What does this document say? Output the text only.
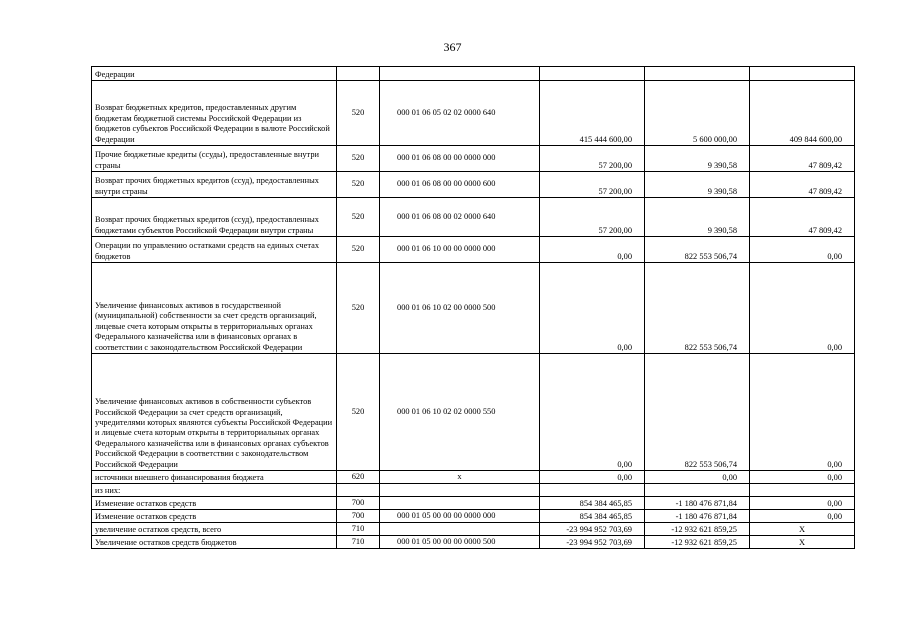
367
Федерации					
Возврат бюджетных кредитов, предоставленных другим бюджетам бюджетной системы Российской Федерации из бюджетов субъектов Российской Федерации в валюте Российской Федерации	520	000 01 06 05 02 02 0000 640	415 444 600,00	5 600 000,00	409 844 600,00
Прочие бюджетные кредиты (ссуды), предоставленные внутри страны	520	000 01 06 08 00 00 0000 000	57 200,00	9 390,58	47 809,42
Возврат прочих бюджетных кредитов (ссуд), предоставленных внутри страны	520	000 01 06 08 00 00 0000 600	57 200,00	9 390,58	47 809,42
Возврат прочих бюджетных кредитов (ссуд), предоставленных бюджетами субъектов Российской Федерации внутри страны	520	000 01 06 08 00 02 0000 640	57 200,00	9 390,58	47 809,42
Операции по управлению остатками средств на единых счетах бюджетов	520	000 01 06 10 00 00 0000 000	0,00	822 553 506,74	0,00
Увеличение финансовых активов в государственной (муниципальной) собственности за счет средств организаций, лицевые счета которым открыты в территориальных органах Федерального казначейства или в финансовых органах в соответствии с законодательством Российской Федерации	520	000 01 06 10 02 00 0000 500	0,00	822 553 506,74	0,00
Увеличение финансовых активов в собственности субъектов Российской Федерации за счет средств организаций, учредителями которых являются субъекты Российской Федерации и лицевые счета которым открыты в территориальных органах Федерального казначейства или в финансовых органах субъектов Российской Федерации в соответствии с законодательством Российской Федерации	520	000 01 06 10 02 02 0000 550	0,00	822 553 506,74	0,00
источники внешнего финансирования бюджета	620	x	0,00	0,00	0,00
из них:					
Изменение остатков средств	700		854 384 465,85	-1 180 476 871,84	0,00
Изменение остатков средств	700	000 01 05 00 00 00 0000 000	854 384 465,85	-1 180 476 871,84	0,00
увеличение остатков средств, всего	710		-23 994 952 703,69	-12 932 621 859,25	X
Увеличение остатков средств бюджетов	710	000 01 05 00 00 00 0000 500	-23 994 952 703,69	-12 932 621 859,25	X
